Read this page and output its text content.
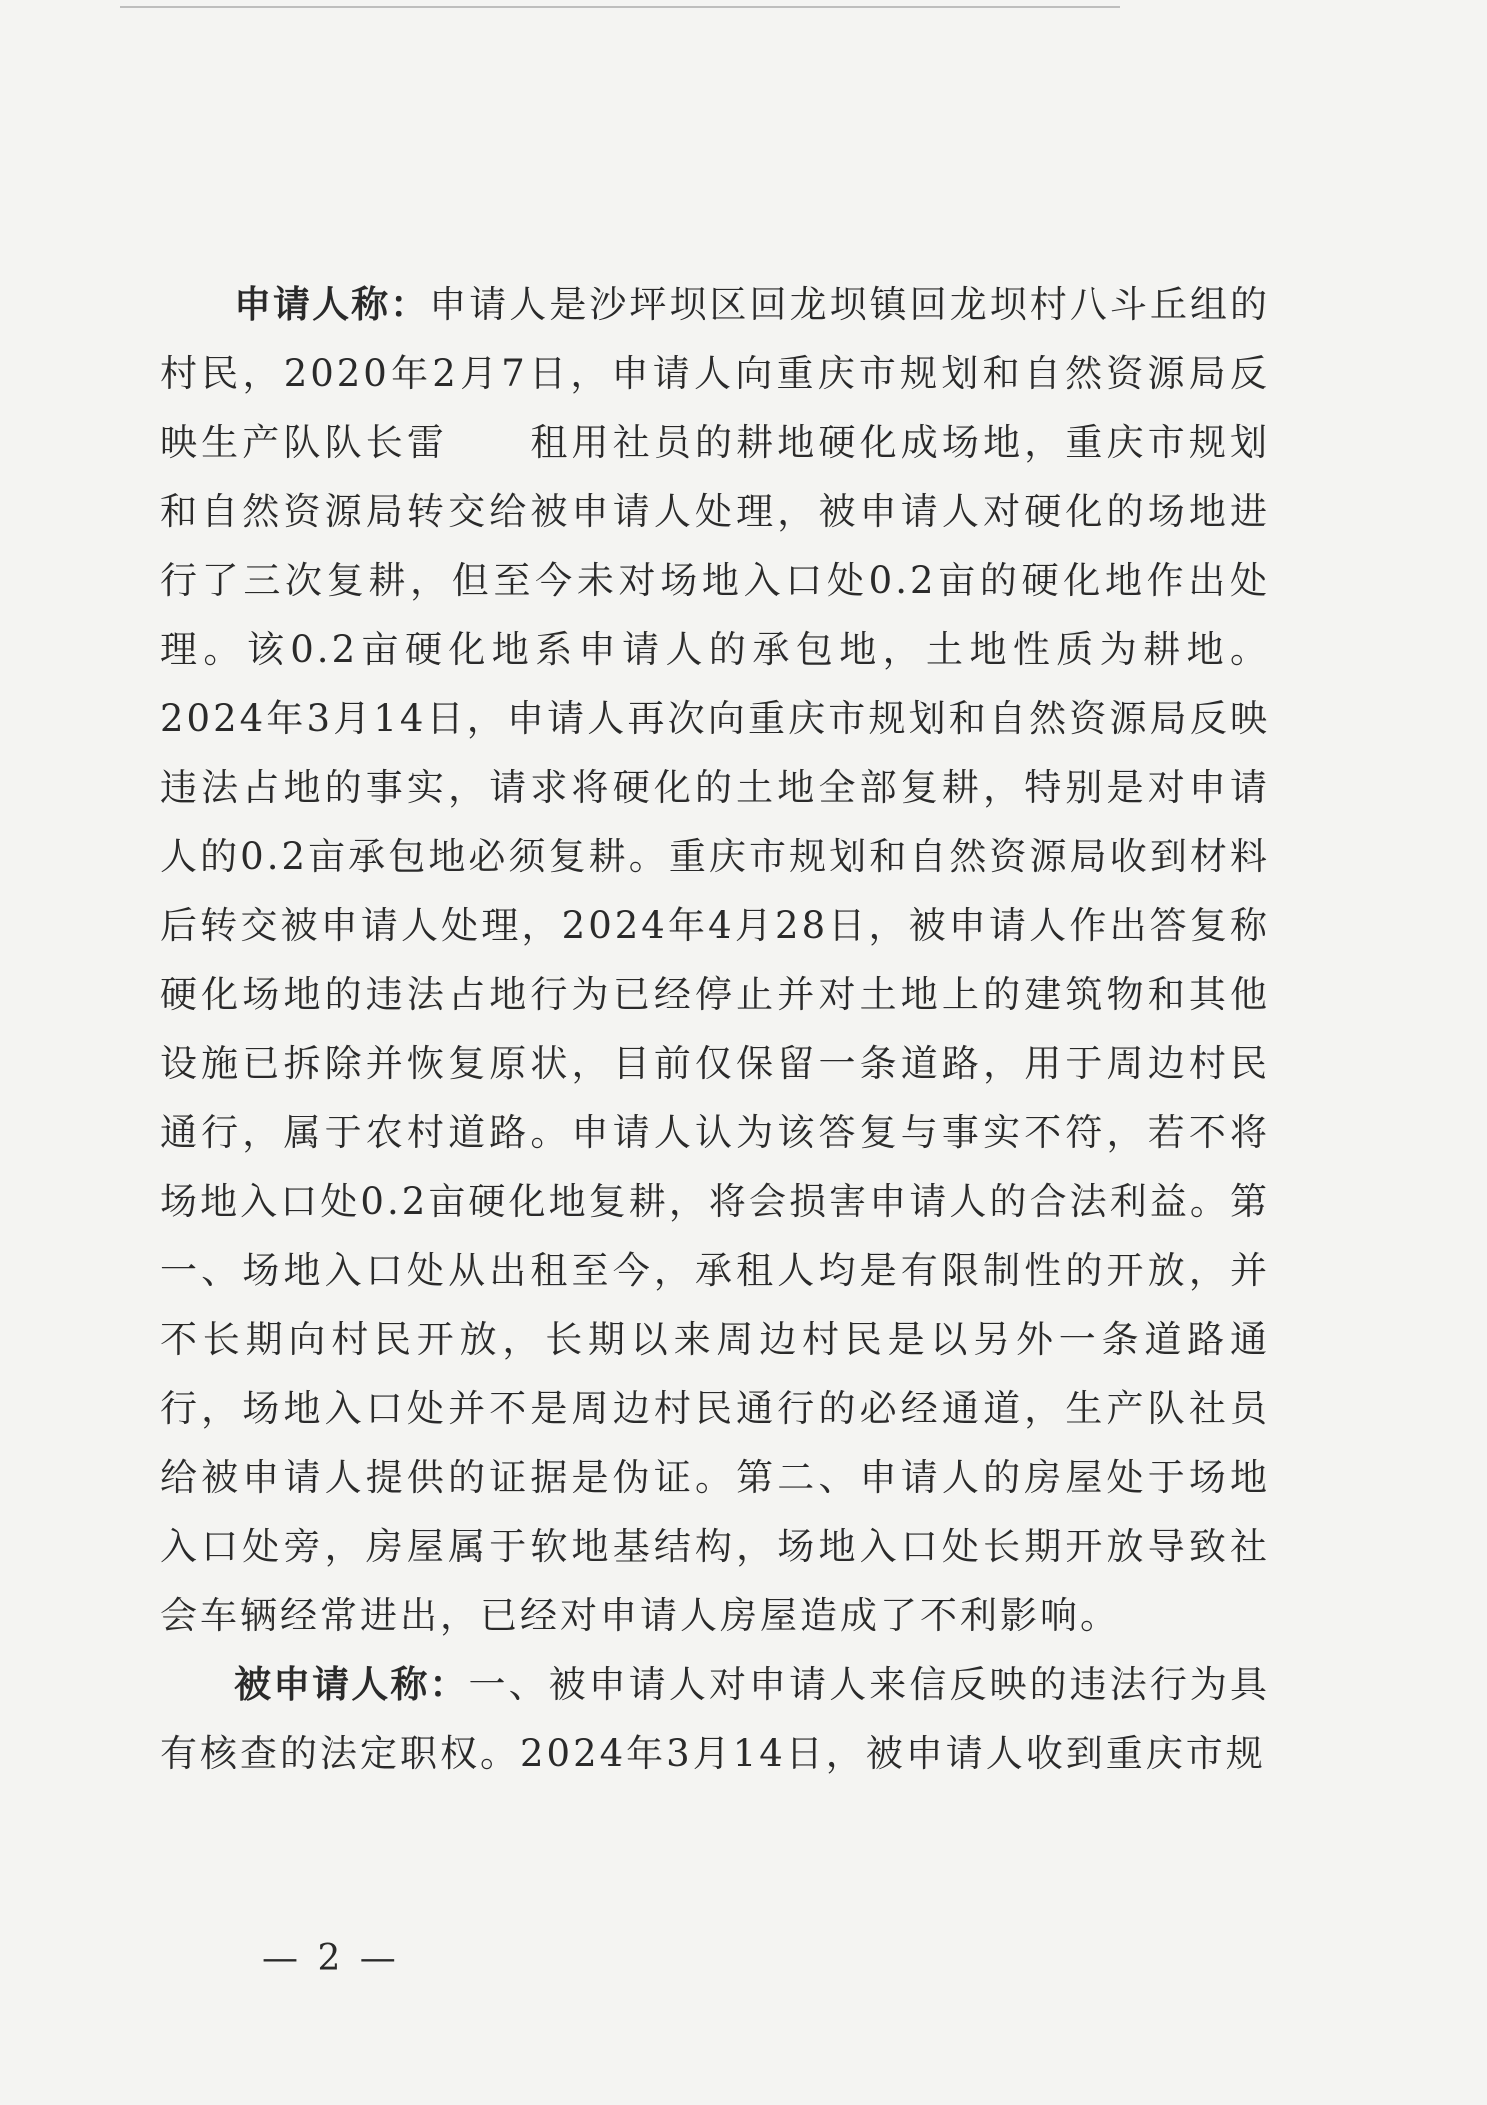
申请人称：申请人是沙坪坝区回龙坝镇回龙坝村八斗丘组的村民，2020年2月7日，申请人向重庆市规划和自然资源局反映生产队队长雷　　租用社员的耕地硬化成场地，重庆市规划和自然资源局转交给被申请人处理，被申请人对硬化的场地进行了三次复耕，但至今未对场地入口处0.2亩的硬化地作出处理。该0.2亩硬化地系申请人的承包地，土地性质为耕地。2024年3月14日，申请人再次向重庆市规划和自然资源局反映违法占地的事实，请求将硬化的土地全部复耕，特别是对申请人的0.2亩承包地必须复耕。重庆市规划和自然资源局收到材料后转交被申请人处理，2024年4月28日，被申请人作出答复称硬化场地的违法占地行为已经停止并对土地上的建筑物和其他设施已拆除并恢复原状，目前仅保留一条道路，用于周边村民通行，属于农村道路。申请人认为该答复与事实不符，若不将场地入口处0.2亩硬化地复耕，将会损害申请人的合法利益。第一、场地入口处从出租至今，承租人均是有限制性的开放，并不长期向村民开放，长期以来周边村民是以另外一条道路通行，场地入口处并不是周边村民通行的必经通道，生产队社员给被申请人提供的证据是伪证。第二、申请人的房屋处于场地入口处旁，房屋属于软地基结构，场地入口处长期开放导致社会车辆经常进出，已经对申请人房屋造成了不利影响。

被申请人称：一、被申请人对申请人来信反映的违法行为具有核查的法定职权。2024年3月14日，被申请人收到重庆市规

— 2 —
